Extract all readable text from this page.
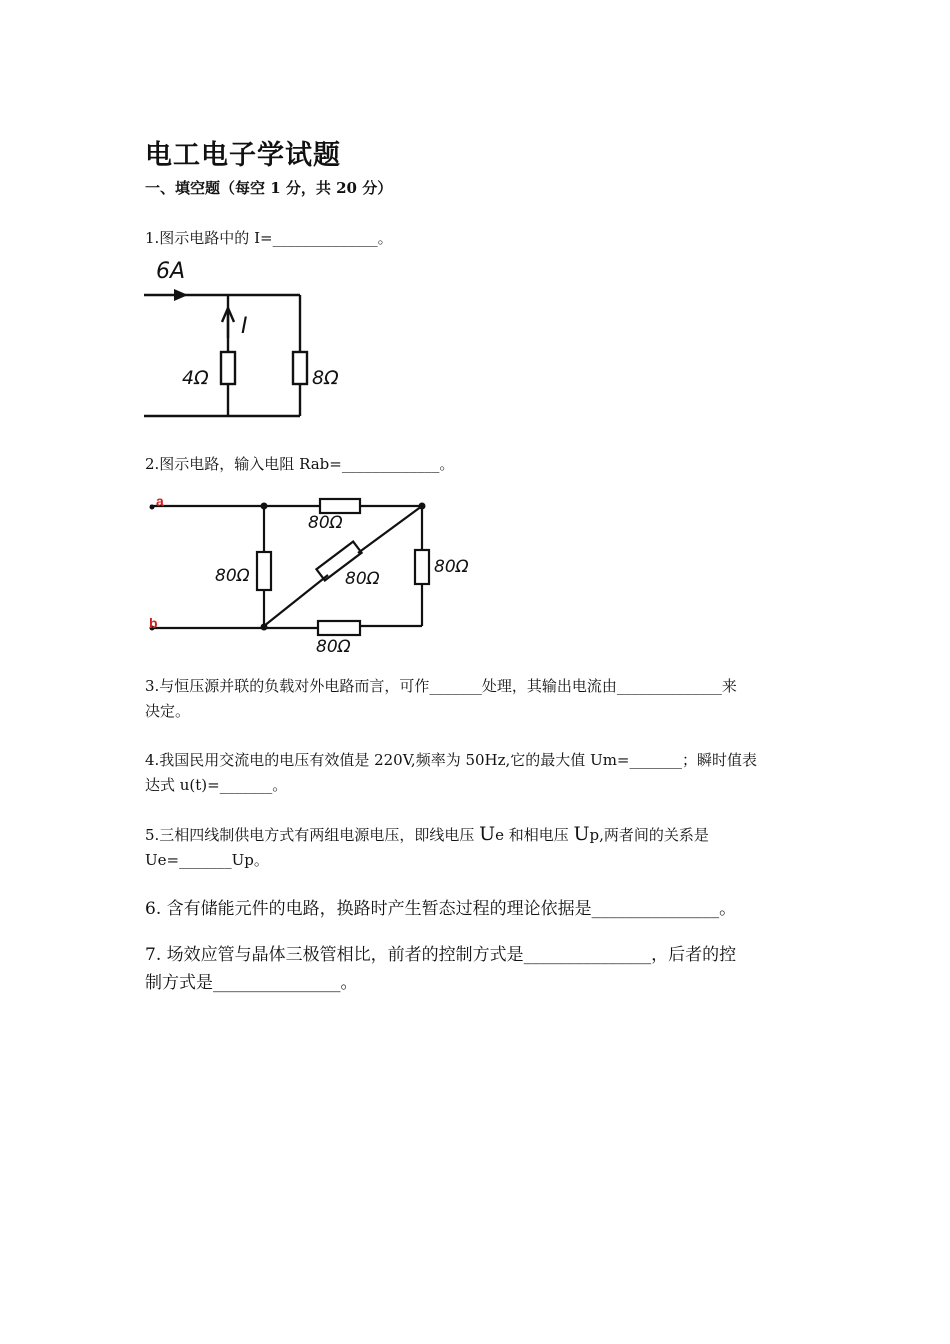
电工电子学试题
一、填空题（每空 1 分，共 20 分）
1.图示电路中的 I=______________。
6A
I
4Ω	8Ω
2.图示电路，输入电阻 Rab=_____________。
a
b
80Ω
80Ω	80Ω
80Ω
80Ω
3.与恒压源并联的负载对外电路而言，可作_______处理，其输出电流由______________来
决定。
4.我国民用交流电的电压有效值是 220V,频率为 50Hz,它的最大值 Um=_______；瞬时值表
达式 u(t)=_______。
5.三相四线制供电方式有两组电源电压，即线电压 Ue 和相电压 Up,两者间的关系是
Ue=_______Up。
6. 含有储能元件的电路，换路时产生暂态过程的理论依据是_______________。
7. 场效应管与晶体三极管相比，前者的控制方式是_______________，后者的控
制方式是_______________。
